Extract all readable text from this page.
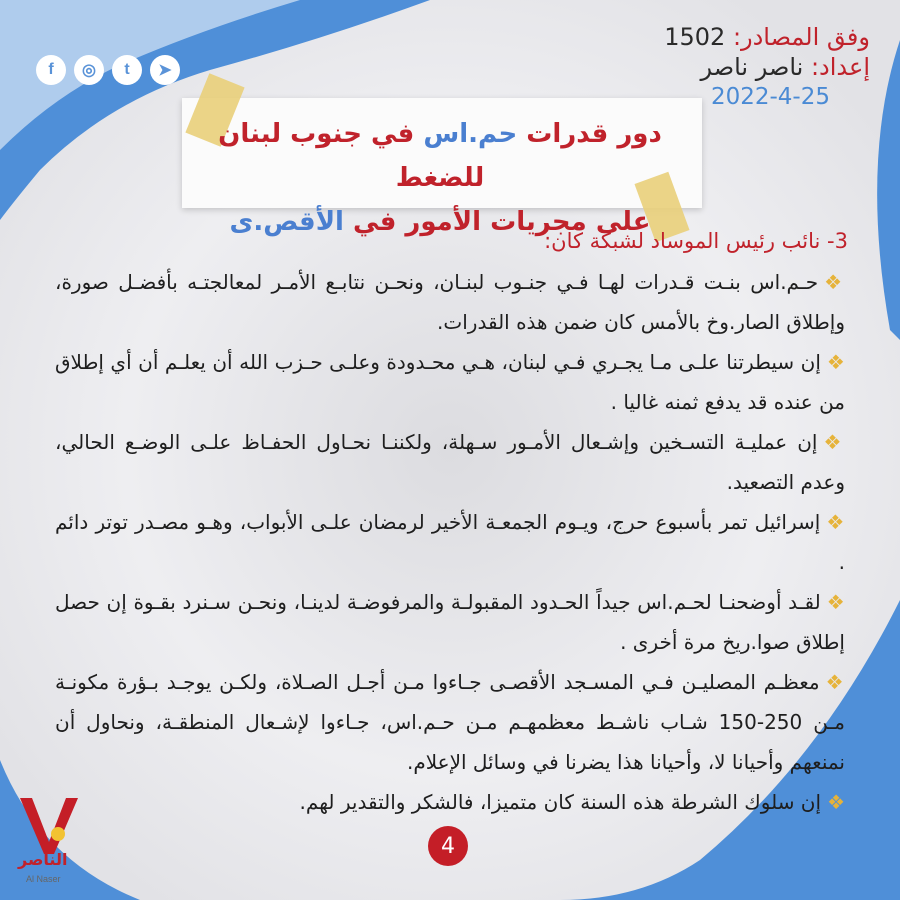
وفق المصادر: 1502
إعداد: ناصر ناصر
2022-4-25
f	◎	t	➤
دور قدرات حم.اس في جنوب لبنان للضغط
على مجريات الأمور في الأقص.ى
3- نائب رئيس الموساد لشبكة كان:

❖حـم.اس بنـت قـدرات لهـا فـي جنـوب لبنـان، ونحـن نتابـع الأمـر لمعالجتـه بأفضـل صورة، وإطلاق الصار.وخ بالأمس كان ضمن هذه القدرات.

❖إن سيطرتنا علـى مـا يجـري فـي لبنان، هـي محـدودة وعلـى حـزب الله أن يعلـم أن أي إطلاق من عنده قد يدفع ثمنه غاليا .

❖إن عمليـة التسـخين وإشـعال الأمـور سـهلة، ولكننـا نحـاول الحفـاظ علـى الوضـع الحالي، وعدم التصعيد.

❖إسرائيل تمر بأسبوع حرج، ويـوم الجمعـة الأخير لرمضان علـى الأبواب، وهـو مصـدر توتر دائم .

❖لقـد أوضحنـا لحـم.اس جيداً الحـدود المقبولـة والمرفوضـة لدينـا، ونحـن سـنرد بقـوة إن حصل إطلاق صوا.ريخ مرة أخرى .

❖معظـم المصليـن فـي المسـجد الأقصـى جـاءوا مـن أجـل الصـلاة، ولكـن يوجـد بـؤرة مكونـة مـن 250-150 شـاب ناشـط معظمهـم مـن حـم.اس، جـاءوا لإشـعال المنطقـة، ونحاول أن نمنعهم وأحيانا لا، وأحيانا هذا يضرنا في وسائل الإعلام.

❖إن سلوك الشرطة هذه السنة كان متميزا، فالشكر والتقدير لهم.

4
الناصر
Al Naser
